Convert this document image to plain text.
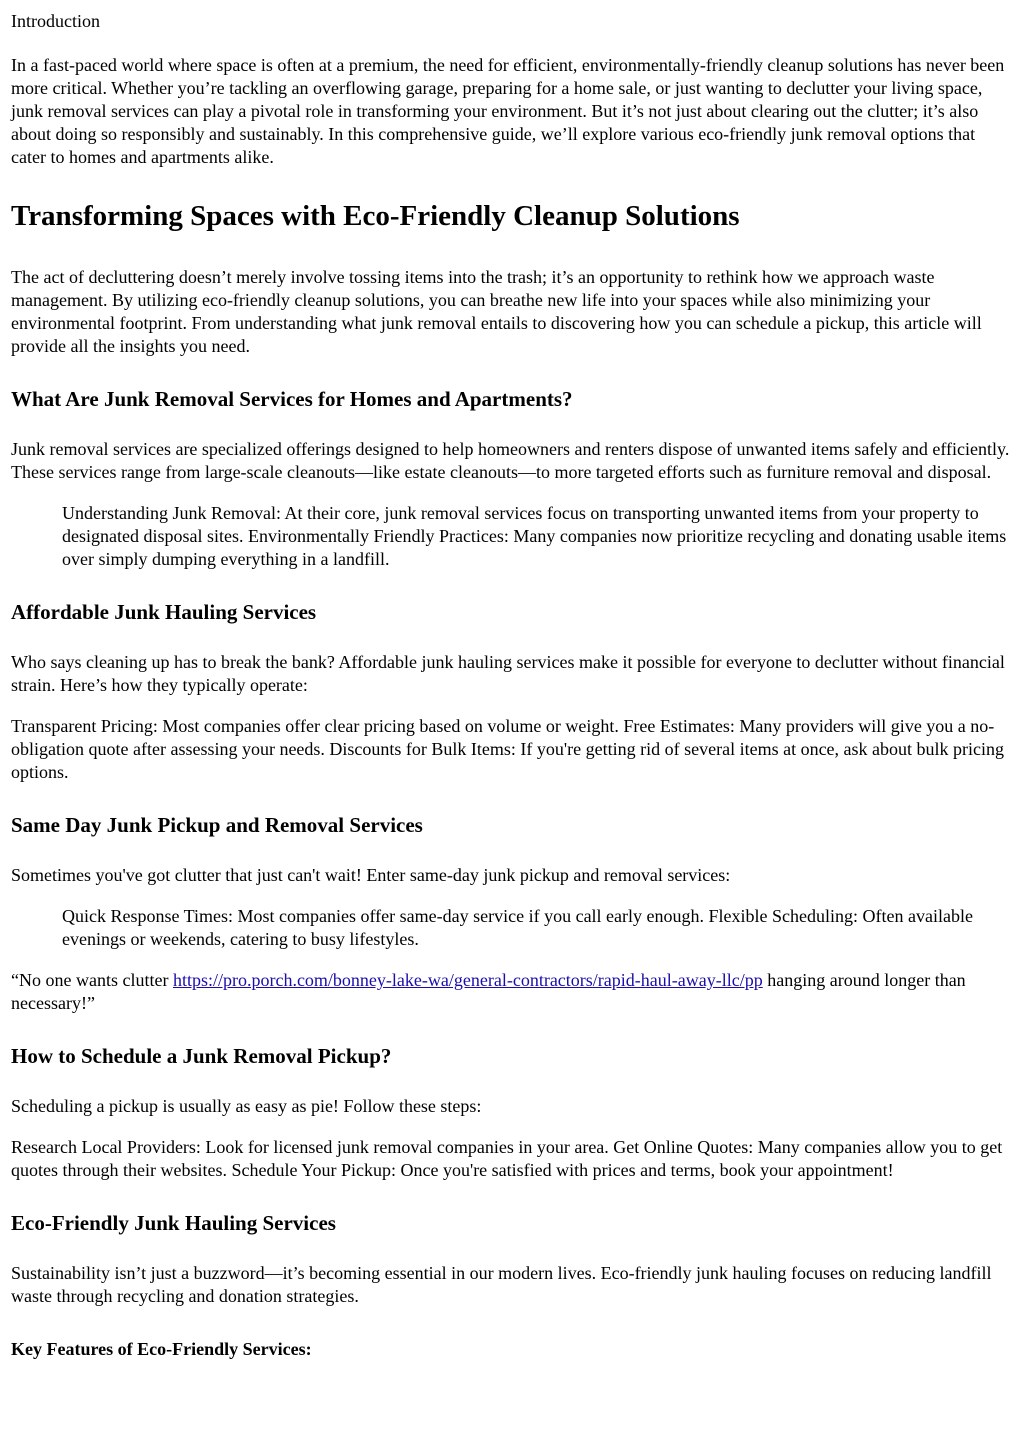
Introduction

In a fast-paced world where space is often at a premium, the need for efficient, environmentally-friendly cleanup solutions has never been more critical. Whether you’re tackling an overflowing garage, preparing for a home sale, or just wanting to declutter your living space, junk removal services can play a pivotal role in transforming your environment. But it’s not just about clearing out the clutter; it’s also about doing so responsibly and sustainably. In this comprehensive guide, we’ll explore various eco-friendly junk removal options that cater to homes and apartments alike.

Transforming Spaces with Eco-Friendly Cleanup Solutions

The act of decluttering doesn’t merely involve tossing items into the trash; it’s an opportunity to rethink how we approach waste management. By utilizing eco-friendly cleanup solutions, you can breathe new life into your spaces while also minimizing your environmental footprint. From understanding what junk removal entails to discovering how you can schedule a pickup, this article will provide all the insights you need.

What Are Junk Removal Services for Homes and Apartments?

Junk removal services are specialized offerings designed to help homeowners and renters dispose of unwanted items safely and efficiently. These services range from large-scale cleanouts—like estate cleanouts—to more targeted efforts such as furniture removal and disposal.

Understanding Junk Removal: At their core, junk removal services focus on transporting unwanted items from your property to designated disposal sites. Environmentally Friendly Practices: Many companies now prioritize recycling and donating usable items over simply dumping everything in a landfill.
Affordable Junk Hauling Services

Who says cleaning up has to break the bank? Affordable junk hauling services make it possible for everyone to declutter without financial strain. Here’s how they typically operate:

Transparent Pricing: Most companies offer clear pricing based on volume or weight. Free Estimates: Many providers will give you a no-obligation quote after assessing your needs. Discounts for Bulk Items: If you're getting rid of several items at once, ask about bulk pricing options.

Same Day Junk Pickup and Removal Services

Sometimes you've got clutter that just can't wait! Enter same-day junk pickup and removal services:

Quick Response Times: Most companies offer same-day service if you call early enough. Flexible Scheduling: Often available evenings or weekends, catering to busy lifestyles.

“No one wants clutter https://pro.porch.com/bonney-lake-wa/general-contractors/rapid-haul-away-llc/pp hanging around longer than necessary!”

How to Schedule a Junk Removal Pickup?

Scheduling a pickup is usually as easy as pie! Follow these steps:

Research Local Providers: Look for licensed junk removal companies in your area. Get Online Quotes: Many companies allow you to get quotes through their websites. Schedule Your Pickup: Once you're satisfied with prices and terms, book your appointment!

Eco-Friendly Junk Hauling Services

Sustainability isn’t just a buzzword—it’s becoming essential in our modern lives. Eco-friendly junk hauling focuses on reducing landfill waste through recycling and donation strategies.

Key Features of Eco-Friendly Services:
